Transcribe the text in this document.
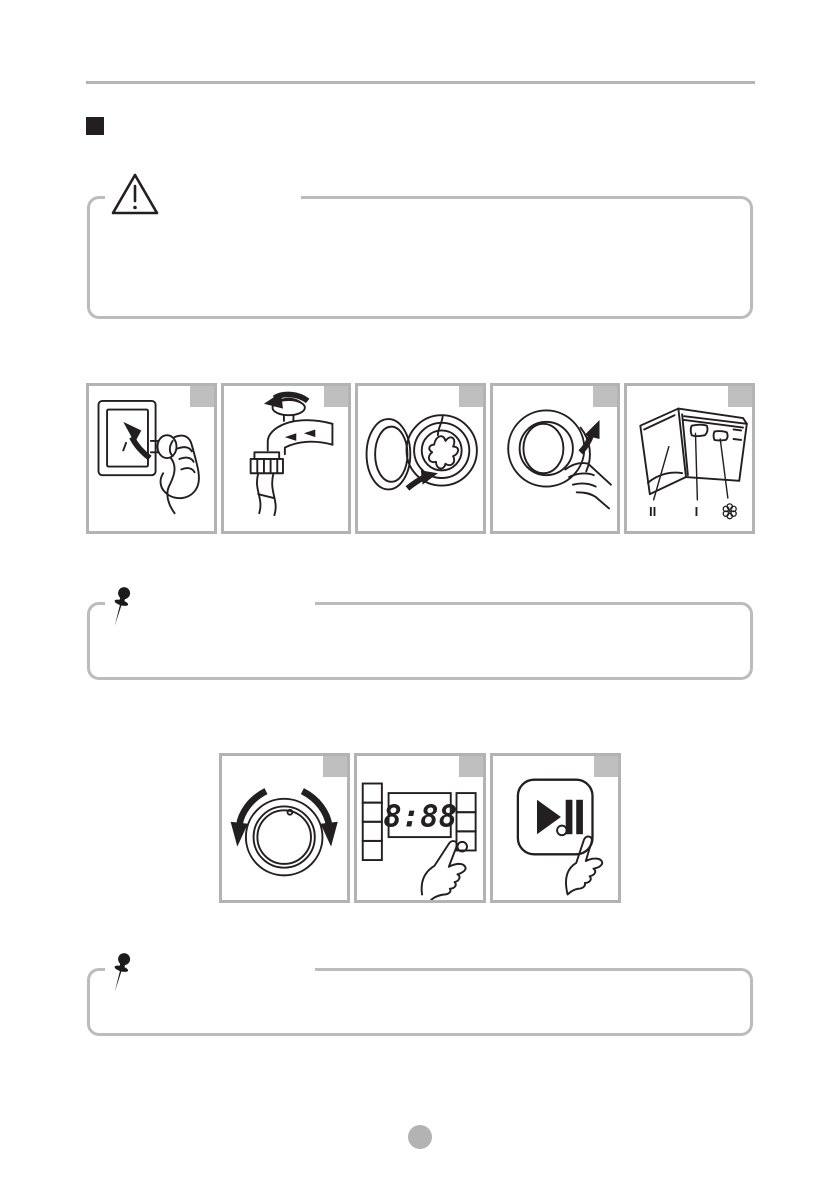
II	I
8:88
